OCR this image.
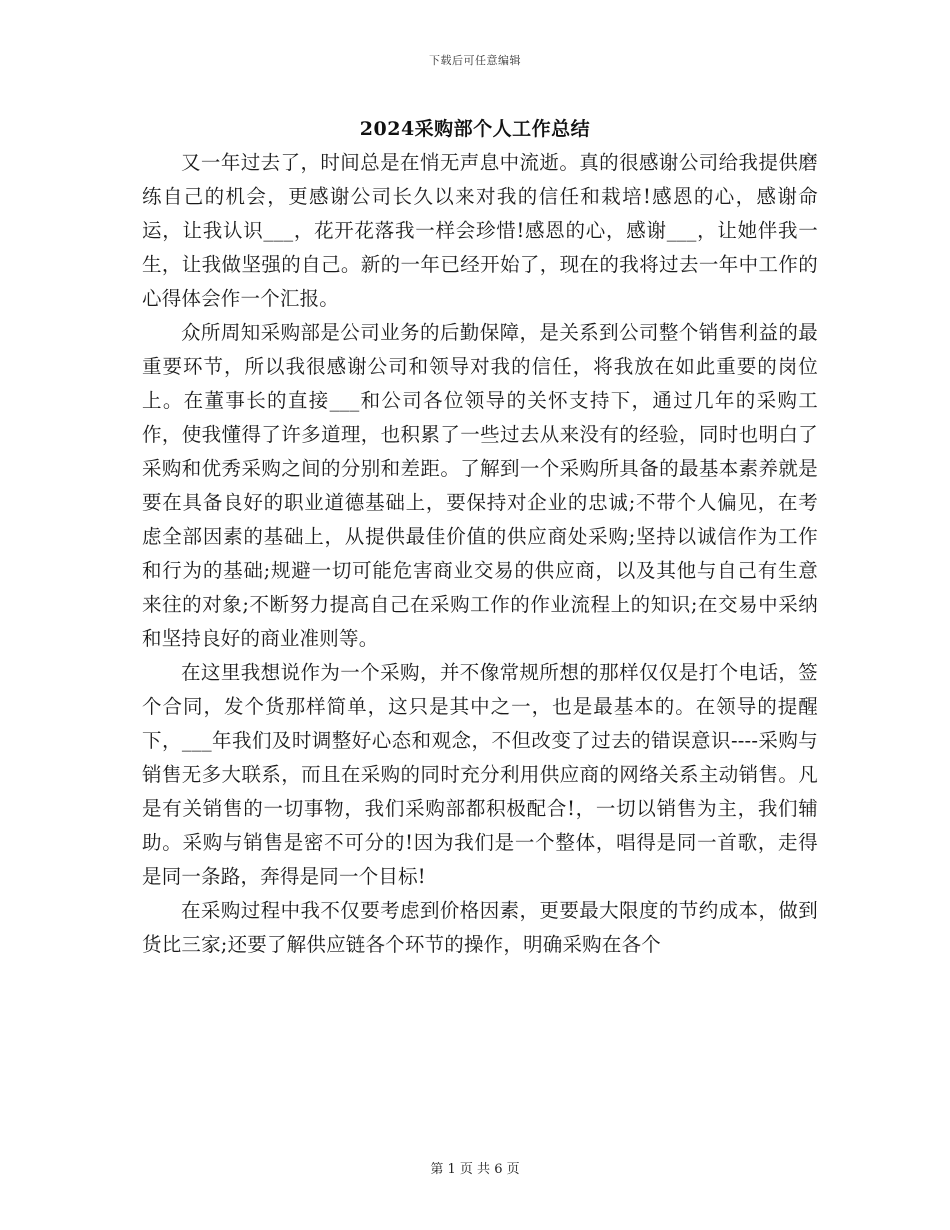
下载后可任意编辑
2024采购部个人工作总结

又一年过去了，时间总是在悄无声息中流逝。真的很感谢公司给我提供磨练自己的机会，更感谢公司长久以来对我的信任和栽培!感恩的心，感谢命运，让我认识___，花开花落我一样会珍惜!感恩的心，感谢___，让她伴我一生，让我做坚强的自己。新的一年已经开始了，现在的我将过去一年中工作的心得体会作一个汇报。

众所周知采购部是公司业务的后勤保障，是关系到公司整个销售利益的最重要环节，所以我很感谢公司和领导对我的信任，将我放在如此重要的岗位上。在董事长的直接___和公司各位领导的关怀支持下，通过几年的采购工作，使我懂得了许多道理，也积累了一些过去从来没有的经验，同时也明白了采购和优秀采购之间的分别和差距。了解到一个采购所具备的最基本素养就是要在具备良好的职业道德基础上，要保持对企业的忠诚;不带个人偏见，在考虑全部因素的基础上，从提供最佳价值的供应商处采购;坚持以诚信作为工作和行为的基础;规避一切可能危害商业交易的供应商，以及其他与自己有生意来往的对象;不断努力提高自己在采购工作的作业流程上的知识;在交易中采纳和坚持良好的商业准则等。

在这里我想说作为一个采购，并不像常规所想的那样仅仅是打个电话，签个合同，发个货那样简单，这只是其中之一，也是最基本的。在领导的提醒下，___年我们及时调整好心态和观念，不但改变了过去的错误意识----采购与销售无多大联系，而且在采购的同时充分利用供应商的网络关系主动销售。凡是有关销售的一切事物，我们采购部都积极配合!，一切以销售为主，我们辅助。采购与销售是密不可分的!因为我们是一个整体，唱得是同一首歌，走得是同一条路，奔得是同一个目标!

在采购过程中我不仅要考虑到价格因素，更要最大限度的节约成本，做到货比三家;还要了解供应链各个环节的操作，明确采购在各个

第 1 页 共 6 页
